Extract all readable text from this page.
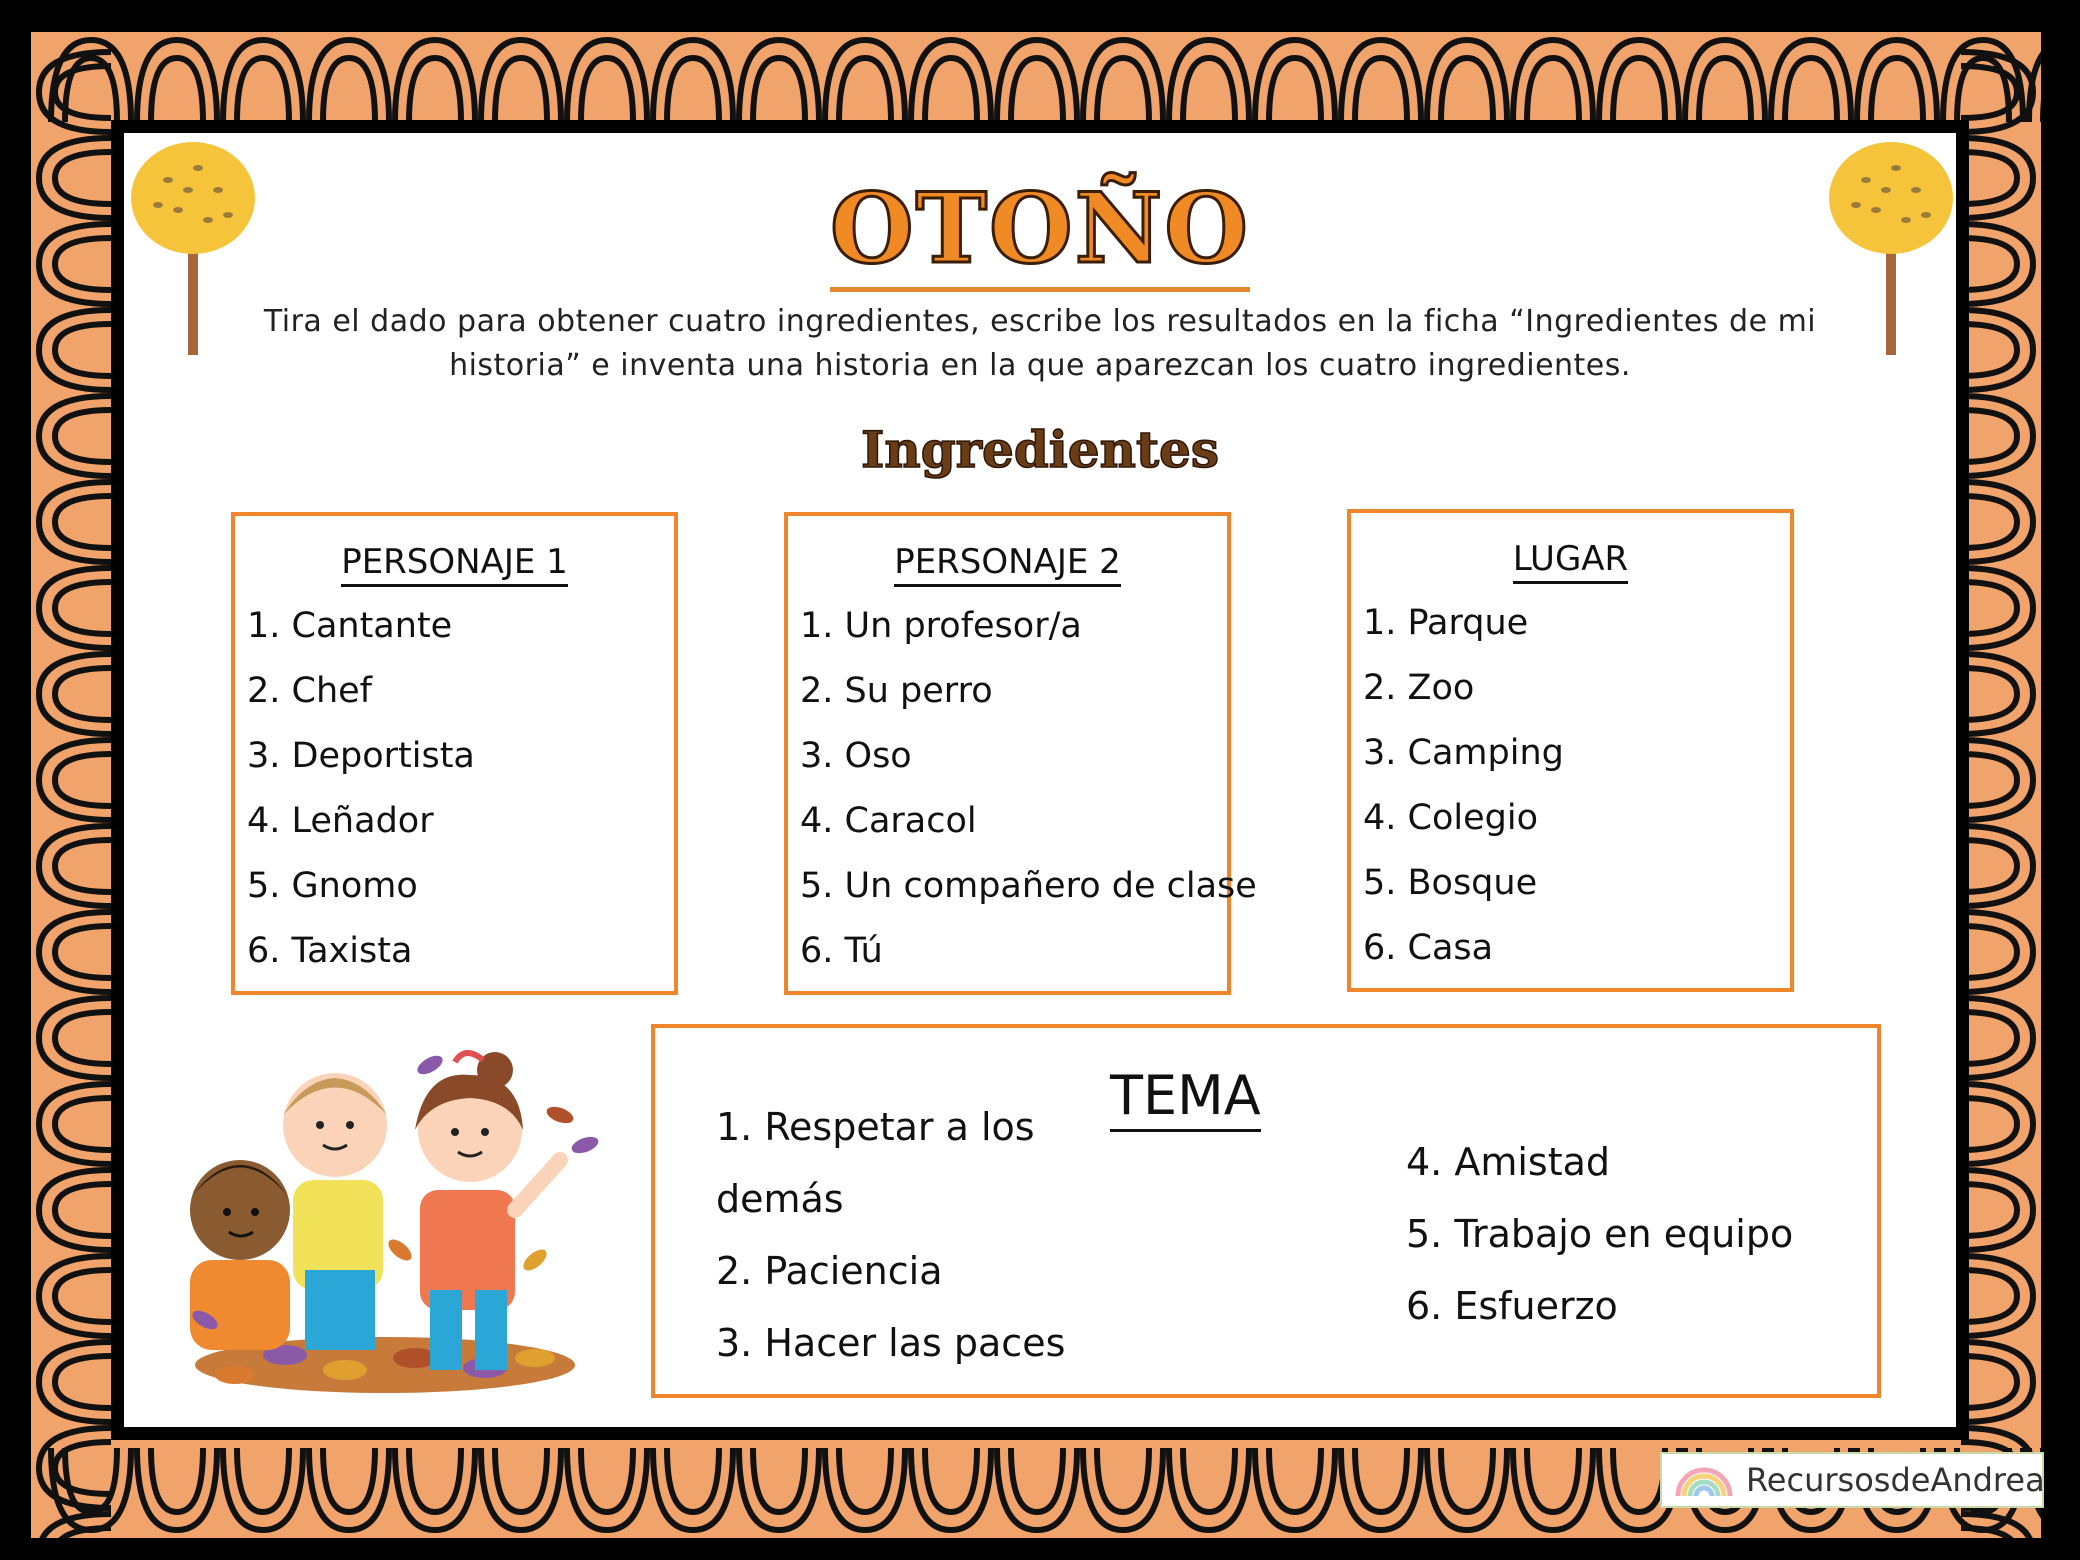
OTOÑO
Tira el dado para obtener cuatro ingredientes, escribe los resultados en la ficha “Ingredientes de mi historia” e inventa una historia en la que aparezcan los cuatro ingredientes.
Ingredientes
PERSONAJE 1
1. Cantante
2. Chef
3. Deportista
4. Leñador
5. Gnomo
6. Taxista
PERSONAJE 2
1. Un profesor/a
2. Su perro
3. Oso
4. Caracol
5. Un compañero de clase
6. Tú
LUGAR
1. Parque
2. Zoo
3. Camping
4. Colegio
5. Bosque
6. Casa
TEMA
1. Respetar a los
demás
2. Paciencia
3. Hacer las paces
4. Amistad
5. Trabajo en equipo
6. Esfuerzo
RecursosdeAndrea
